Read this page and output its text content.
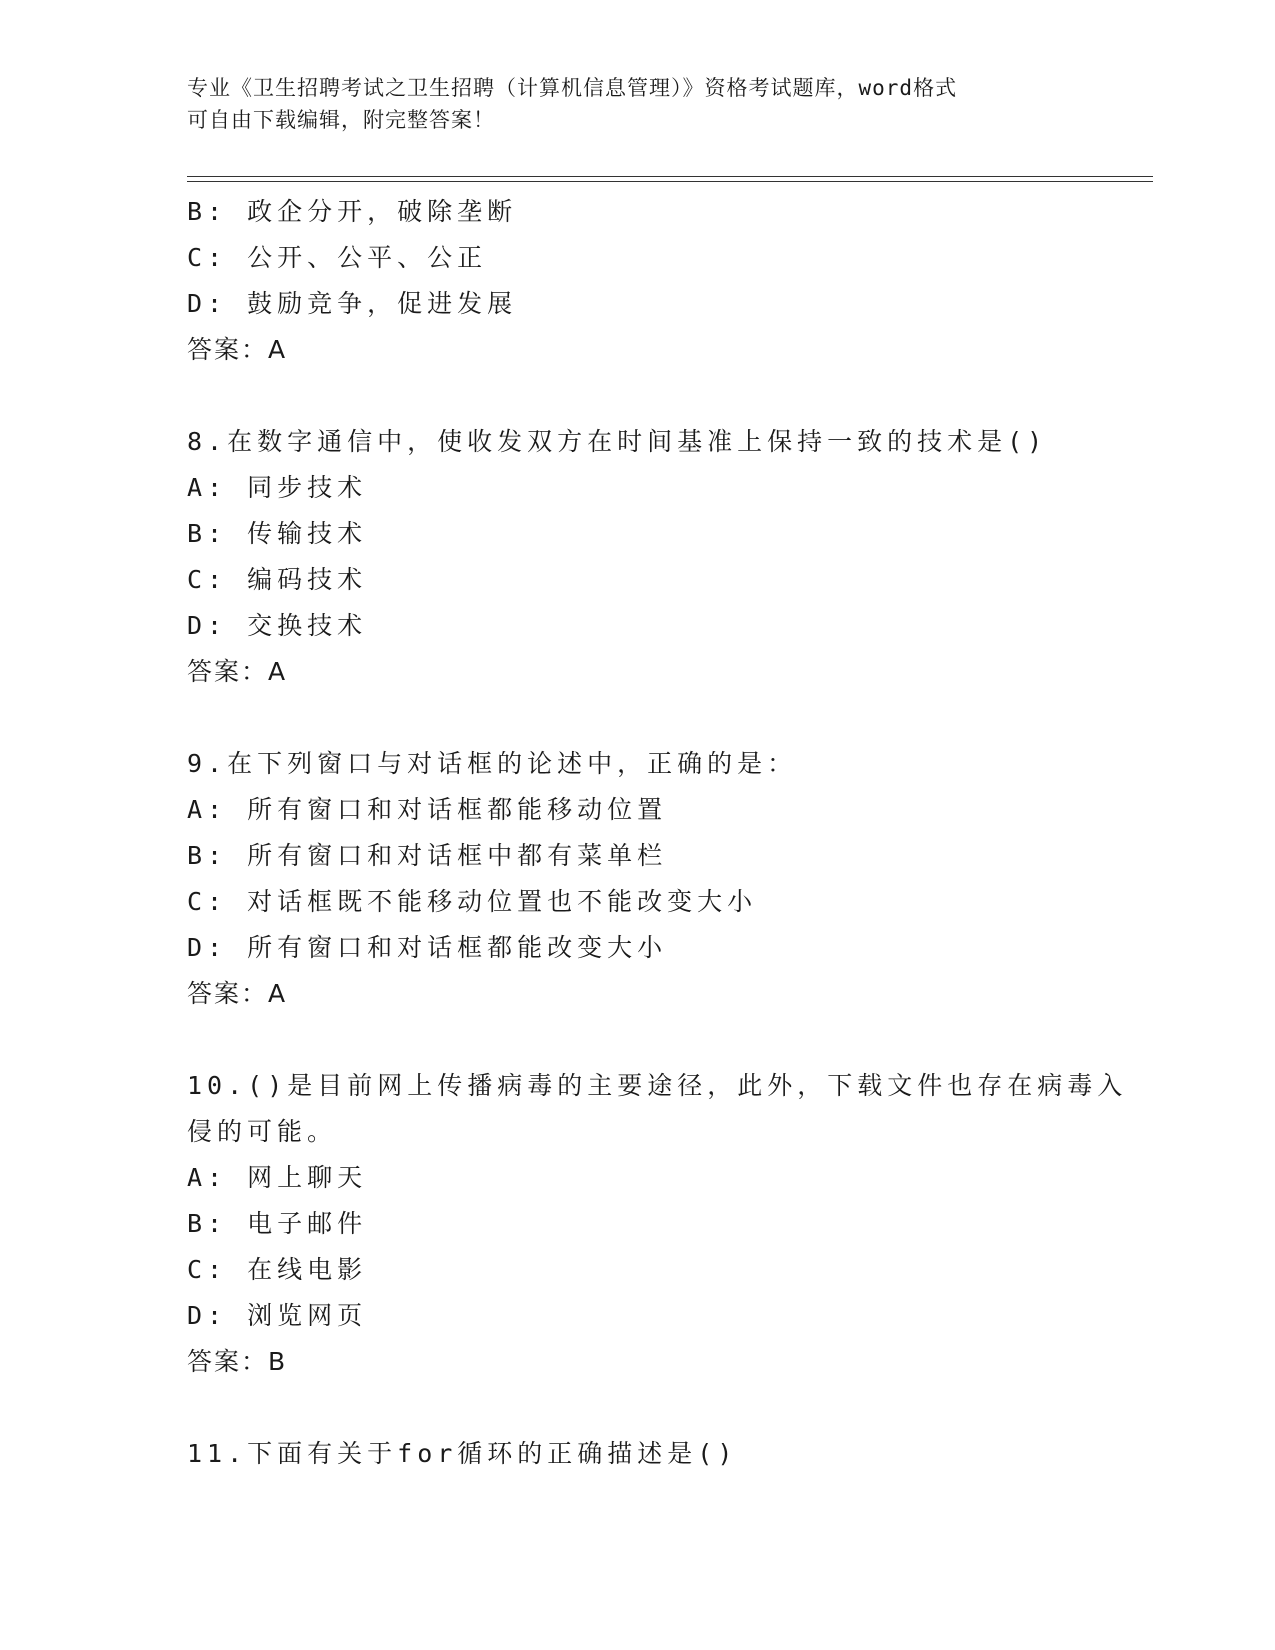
专业《卫生招聘考试之卫生招聘（计算机信息管理）》资格考试题库，word格式
可自由下载编辑，附完整答案！
B: 政企分开，破除垄断
C: 公开、公平、公正
D: 鼓励竞争，促进发展
答案：A
8.在数字通信中，使收发双方在时间基准上保持一致的技术是()
A: 同步技术
B: 传输技术
C: 编码技术
D: 交换技术
答案：A
9.在下列窗口与对话框的论述中，正确的是：
A: 所有窗口和对话框都能移动位置
B: 所有窗口和对话框中都有菜单栏
C: 对话框既不能移动位置也不能改变大小
D: 所有窗口和对话框都能改变大小
答案：A
10.()是目前网上传播病毒的主要途径，此外，下载文件也存在病毒入
侵的可能。
A: 网上聊天
B: 电子邮件
C: 在线电影
D: 浏览网页
答案：B
11.下面有关于for循环的正确描述是()
